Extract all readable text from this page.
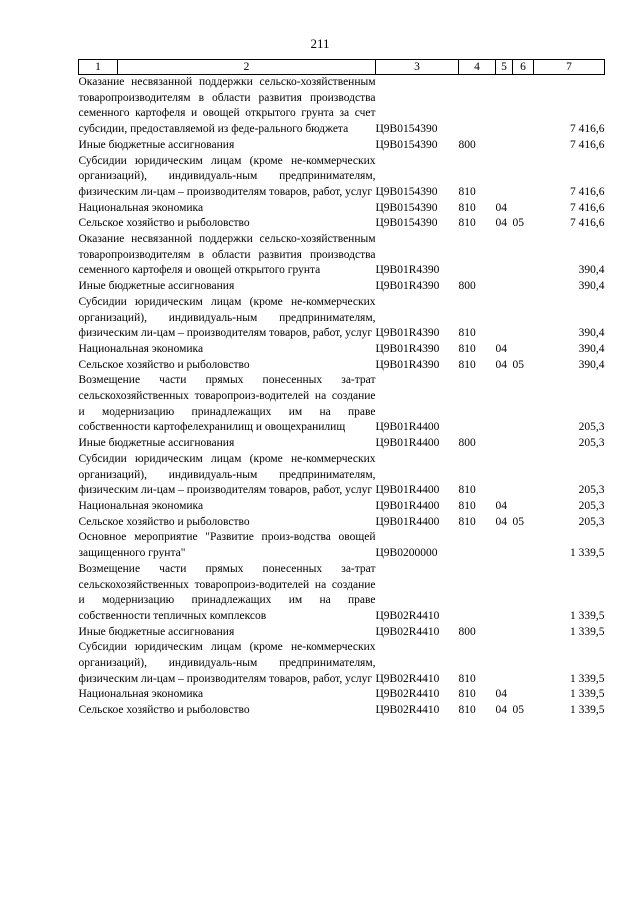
211
1	2	3	4	5	6	7
Оказание несвязанной поддержки сельско-хозяйственным товаропроизводителям в области развития производства семенного картофеля и овощей открытого грунта за счет субсидии, предоставляемой из феде-рального бюджета		Ц9В0154390				7 416,6
Иные бюджетные ассигнования		Ц9В0154390	800			7 416,6
Субсидии юридическим лицам (кроме не-коммерческих организаций), индивидуаль-ным предпринимателям, физическим ли-цам – производителям товаров, работ, услуг		Ц9В0154390	810			7 416,6
Национальная экономика		Ц9В0154390	810	04		7 416,6
Сельское хозяйство и рыболовство		Ц9В0154390	810	04	05	7 416,6
Оказание несвязанной поддержки сельско-хозяйственным товаропроизводителям в области развития производства семенного картофеля и овощей открытого грунта		Ц9В01R4390				390,4
Иные бюджетные ассигнования		Ц9В01R4390	800			390,4
Субсидии юридическим лицам (кроме не-коммерческих организаций), индивидуаль-ным предпринимателям, физическим ли-цам – производителям товаров, работ, услуг		Ц9В01R4390	810			390,4
Национальная экономика		Ц9В01R4390	810	04		390,4
Сельское хозяйство и рыболовство		Ц9В01R4390	810	04	05	390,4
Возмещение части прямых понесенных за-трат сельскохозяйственных товаропроиз-водителей на создание и модернизацию принадлежащих им на праве собственности картофелехранилищ и овощехранилищ		Ц9В01R4400				205,3
Иные бюджетные ассигнования		Ц9В01R4400	800			205,3
Субсидии юридическим лицам (кроме не-коммерческих организаций), индивидуаль-ным предпринимателям, физическим ли-цам – производителям товаров, работ, услуг		Ц9В01R4400	810			205,3
Национальная экономика		Ц9В01R4400	810	04		205,3
Сельское хозяйство и рыболовство		Ц9В01R4400	810	04	05	205,3
Основное мероприятие "Развитие произ-водства овощей защищенного грунта"		Ц9В0200000				1 339,5
Возмещение части прямых понесенных за-трат сельскохозяйственных товаропроиз-водителей на создание и модернизацию принадлежащих им на праве собственности тепличных комплексов		Ц9В02R4410				1 339,5
Иные бюджетные ассигнования		Ц9В02R4410	800			1 339,5
Субсидии юридическим лицам (кроме не-коммерческих организаций), индивидуаль-ным предпринимателям, физическим ли-цам – производителям товаров, работ, услуг		Ц9В02R4410	810			1 339,5
Национальная экономика		Ц9В02R4410	810	04		1 339,5
Сельское хозяйство и рыболовство		Ц9В02R4410	810	04	05	1 339,5
